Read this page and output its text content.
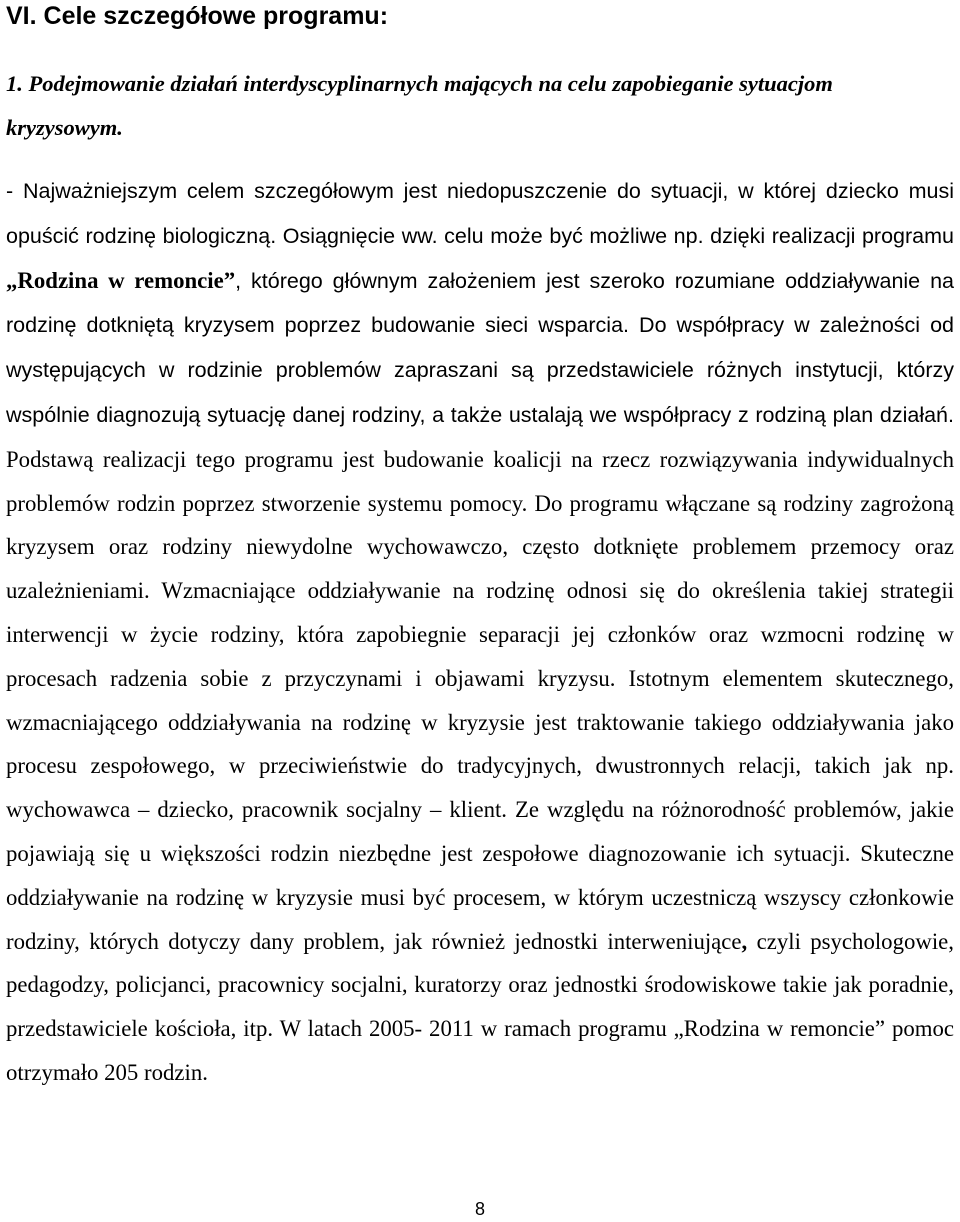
VI. Cele szczegółowe programu:

1. Podejmowanie działań interdyscyplinarnych mających na celu zapobieganie sytuacjom kryzysowym.

- Najważniejszym celem szczegółowym jest niedopuszczenie do sytuacji, w której dziecko musi opuścić rodzinę biologiczną. Osiągnięcie ww. celu może być możliwe np. dzięki realizacji programu „Rodzina w remoncie”, którego głównym założeniem jest szeroko rozumiane oddziaływanie na rodzinę dotkniętą kryzysem poprzez budowanie sieci wsparcia. Do współpracy w zależności od występujących w rodzinie problemów zapraszani są przedstawiciele różnych instytucji, którzy wspólnie diagnozują sytuację danej rodziny, a także ustalają we współpracy z rodziną plan działań. Podstawą realizacji tego programu jest budowanie koalicji na rzecz rozwiązywania indywidualnych problemów rodzin poprzez stworzenie systemu pomocy. Do programu włączane są rodziny zagrożoną kryzysem oraz rodziny niewydolne wychowawczo, często dotknięte problemem przemocy oraz uzależnieniami. Wzmacniające oddziaływanie na rodzinę odnosi się do określenia takiej strategii interwencji w życie rodziny, która zapobiegnie separacji jej członków oraz wzmocni rodzinę w procesach radzenia sobie z przyczynami i objawami kryzysu. Istotnym elementem skutecznego, wzmacniającego oddziaływania na rodzinę w kryzysie jest traktowanie takiego oddziaływania jako procesu zespołowego, w przeciwieństwie do tradycyjnych, dwustronnych relacji, takich jak np. wychowawca – dziecko, pracownik socjalny – klient. Ze względu na różnorodność problemów, jakie pojawiają się u większości rodzin niezbędne jest zespołowe diagnozowanie ich sytuacji. Skuteczne oddziaływanie na rodzinę w kryzysie musi być procesem, w którym uczestniczą wszyscy członkowie rodziny, których dotyczy dany problem, jak również jednostki interweniujące, czyli psychologowie, pedagodzy, policjanci, pracownicy socjalni, kuratorzy oraz jednostki środowiskowe takie jak poradnie, przedstawiciele kościoła, itp. W latach 2005- 2011 w ramach programu „Rodzina w remoncie” pomoc otrzymało 205 rodzin.

8
